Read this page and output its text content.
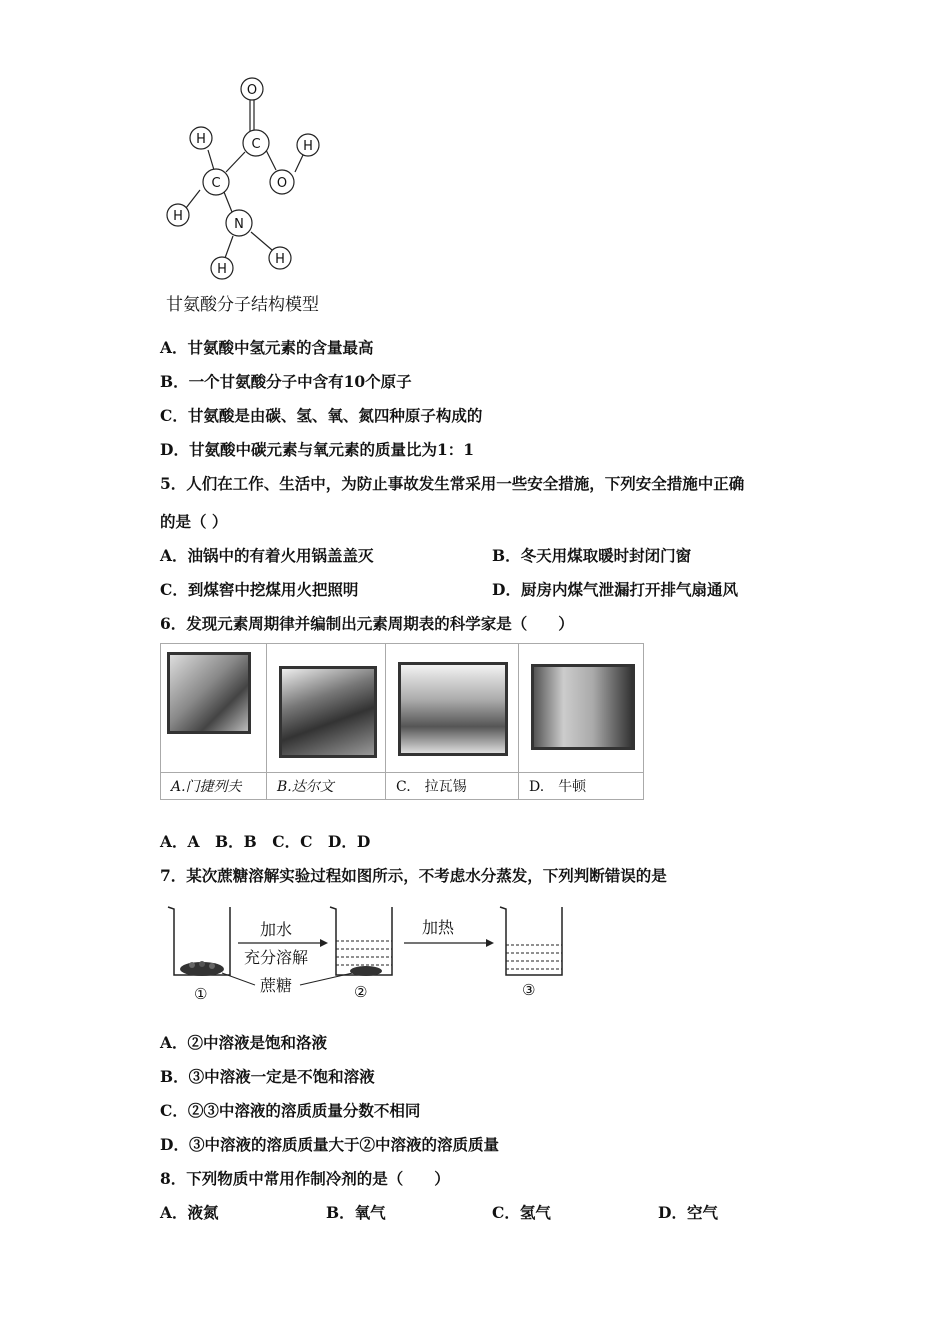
O
C
O
H
H
C
H
N
H
H
甘氨酸分子结构模型
A．甘氨酸中氢元素的含量最高
B．一个甘氨酸分子中含有10个原子
C．甘氨酸是由碳、氢、氧、氮四种原子构成的
D．甘氨酸中碳元素与氧元素的质量比为1：1
5．人们在工作、生活中，为防止事故发生常采用一些安全措施，下列安全措施中正确
的是（ ）
A．油锅中的有着火用锅盖盖灭	B．冬天用煤取暖时封闭门窗
C．到煤窖中挖煤用火把照明	D．厨房内煤气泄漏打开排气扇通风
6．发现元素周期律并编制出元素周期表的科学家是（　　）

A.门捷列夫	B.达尔文	C.　拉瓦锡	D.　牛顿
A．A　B．B　C．C　D．D
7．某次蔗糖溶解实验过程如图所示，不考虑水分蒸发，下列判断错误的是
加水
充分溶解
蔗糖
加热
①	②	③
A．②中溶液是饱和洛液
B．③中溶液一定是不饱和溶液
C．②③中溶液的溶质质量分数不相同
D．③中溶液的溶质质量大于②中溶液的溶质质量
8．下列物质中常用作制冷剂的是（　　）
A．液氮	B．氧气	C．氢气	D．空气
